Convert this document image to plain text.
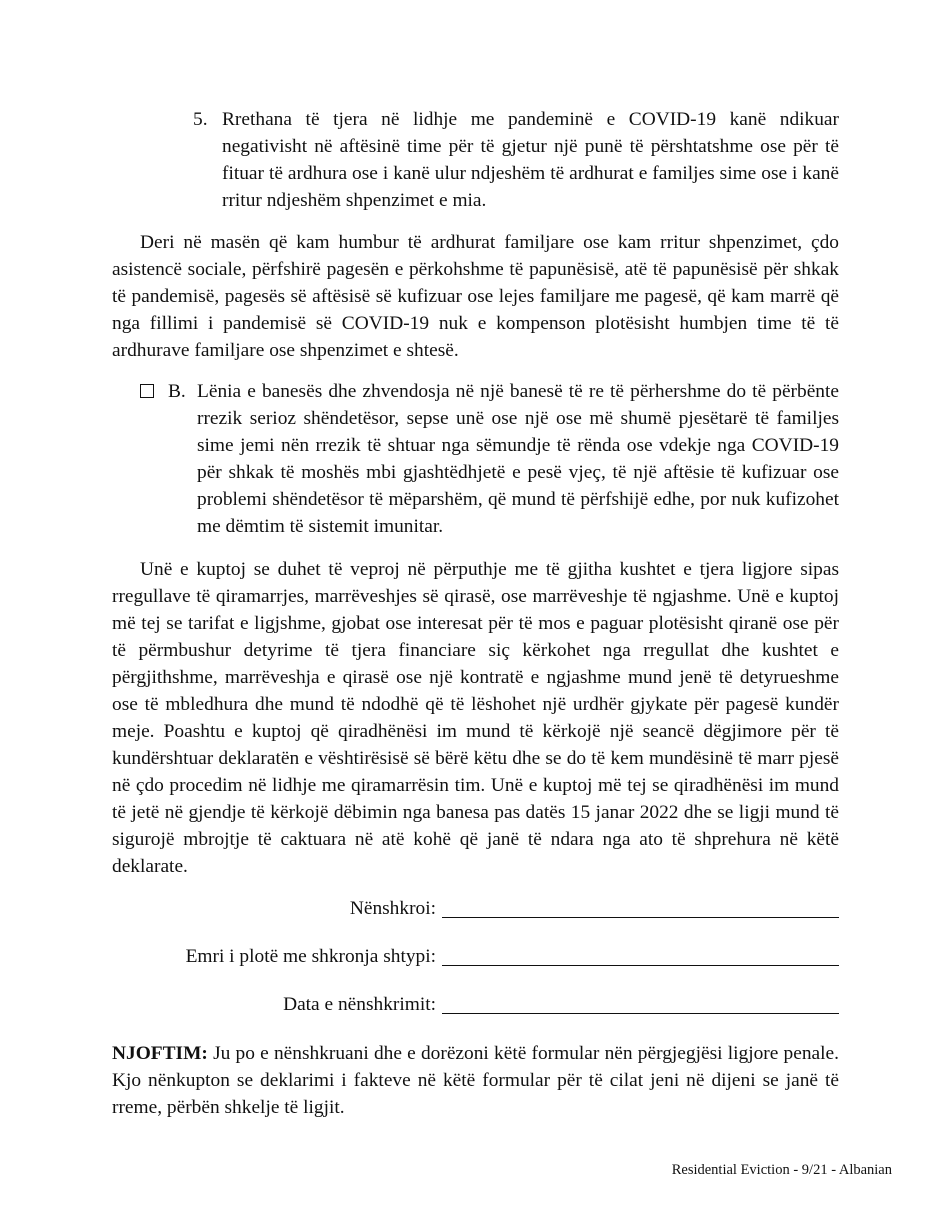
5. Rrethana të tjera në lidhje me pandeminë e COVID-19 kanë ndikuar negativisht në aftësinë time për të gjetur një punë të përshtatshme ose për të fituar të ardhura ose i kanë ulur ndjeshëm të ardhurat e familjes sime ose i kanë rritur ndjeshëm shpenzimet e mia.

Deri në masën që kam humbur të ardhurat familjare ose kam rritur shpenzimet, çdo asistencë sociale, përfshirë pagesën e përkohshme të papunësisë, atë të papunësisë për shkak të pandemisë, pagesës së aftësisë së kufizuar ose lejes familjare me pagesë, që kam marrë që nga fillimi i pandemisë së COVID-19 nuk e kompenson plotësisht humbjen time të të ardhurave familjare ose shpenzimet e shtesë.

B. Lënia e banesës dhe zhvendosja në një banesë të re të përhershme do të përbënte rrezik serioz shëndetësor, sepse unë ose një ose më shumë pjesëtarë të familjes sime jemi nën rrezik të shtuar nga sëmundje të rënda ose vdekje nga COVID-19 për shkak të moshës mbi gjashtëdhjetë e pesë vjeç, të një aftësie të kufizuar ose problemi shëndetësor të mëparshëm, që mund të përfshijë edhe, por nuk kufizohet me dëmtim të sistemit imunitar.

Unë e kuptoj se duhet të veproj në përputhje me të gjitha kushtet e tjera ligjore sipas rregullave të qiramarrjes, marrëveshjes së qirasë, ose marrëveshje të ngjashme. Unë e kuptoj më tej se tarifat e ligjshme, gjobat ose interesat për të mos e paguar plotësisht qiranë ose për të përmbushur detyrime të tjera financiare siç kërkohet nga rregullat dhe kushtet e përgjithshme, marrëveshja e qirasë ose një kontratë e ngjashme mund jenë të detyrueshme ose të mbledhura dhe mund të ndodhë që të lëshohet një urdhër gjykate për pagesë kundër meje. Poashtu e kuptoj që qiradhënësi im mund të kërkojë një seancë dëgjimore për të kundërshtuar deklaratën e vështirësisë së bërë këtu dhe se do të kem mundësinë të marr pjesë në çdo procedim në lidhje me qiramarrësin tim. Unë e kuptoj më tej se qiradhënësi im mund të jetë në gjendje të kërkojë dëbimin nga banesa pas datës 15 janar 2022 dhe se ligji mund të sigurojë mbrojtje të caktuara në atë kohë që janë të ndara nga ato të shprehura në këtë deklarate.

Nënshkroi:
Emri i plotë me shkronja shtypi:
Data e nënshkrimit:

NJOFTIM: Ju po e nënshkruani dhe e dorëzoni këtë formular nën përgjegjësi ligjore penale. Kjo nënkupton se deklarimi i fakteve në këtë formular për të cilat jeni në dijeni se janë të rreme, përbën shkelje të ligjit.

Residential Eviction - 9/21 - Albanian
